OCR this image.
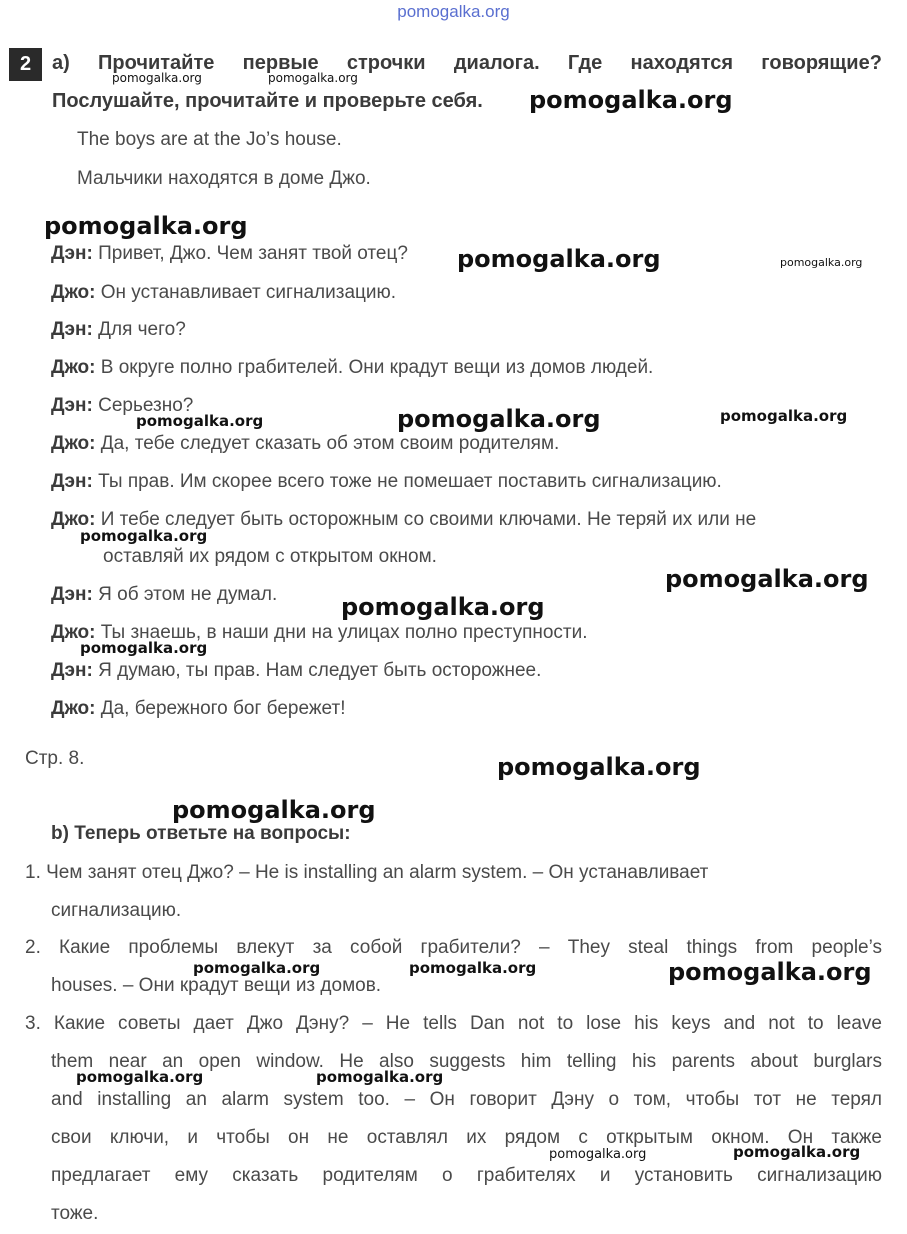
pomogalka.org
2	a) Прочитайте первые строчки диалога. Где находятся говорящие?
Послушайте, прочитайте и проверьте себя.
The boys are at the Jo’s house.
Мальчики находятся в доме Джо.
Дэн: Привет, Джо. Чем занят твой отец?
Джо: Он устанавливает сигнализацию.
Дэн: Для чего?
Джо: В округе полно грабителей. Они крадут вещи из домов людей.
Дэн: Серьезно?
Джо: Да, тебе следует сказать об этом своим родителям.
Дэн: Ты прав. Им скорее всего тоже не помешает поставить сигнализацию.
Джо: И тебе следует быть осторожным со своими ключами. Не теряй их или не
оставляй их рядом с открытом окном.
Дэн: Я об этом не думал.
Джо: Ты знаешь, в наши дни на улицах полно преступности.
Дэн: Я думаю, ты прав. Нам следует быть осторожнее.
Джо: Да, бережного бог бережет!
Стр. 8.
b) Теперь ответьте на вопросы:
1. Чем занят отец Джо? – He is installing an alarm system. – Он устанавливает
сигнализацию.
2. Какие проблемы влекут за собой грабители? – They steal things from people’s
houses. – Они крадут вещи из домов.
3. Какие советы дает Джо Дэну? – He tells Dan not to lose his keys and not to leave
them near an open window. He also suggests him telling his parents about burglars
and installing an alarm system too. – Он говорит Дэну о том, чтобы тот не терял
свои ключи, и чтобы он не оставлял их рядом с открытым окном. Он также
предлагает ему сказать родителям о грабителях и установить сигнализацию
тоже.
pomogalka.org	pomogalka.org
pomogalka.org
pomogalka.org
pomogalka.org	pomogalka.org
pomogalka.org	pomogalka.org	pomogalka.org
pomogalka.org
pomogalka.org
pomogalka.org
pomogalka.org
pomogalka.org
pomogalka.org
pomogalka.org	pomogalka.org	pomogalka.org
pomogalka.org	pomogalka.org
pomogalka.org	pomogalka.org
